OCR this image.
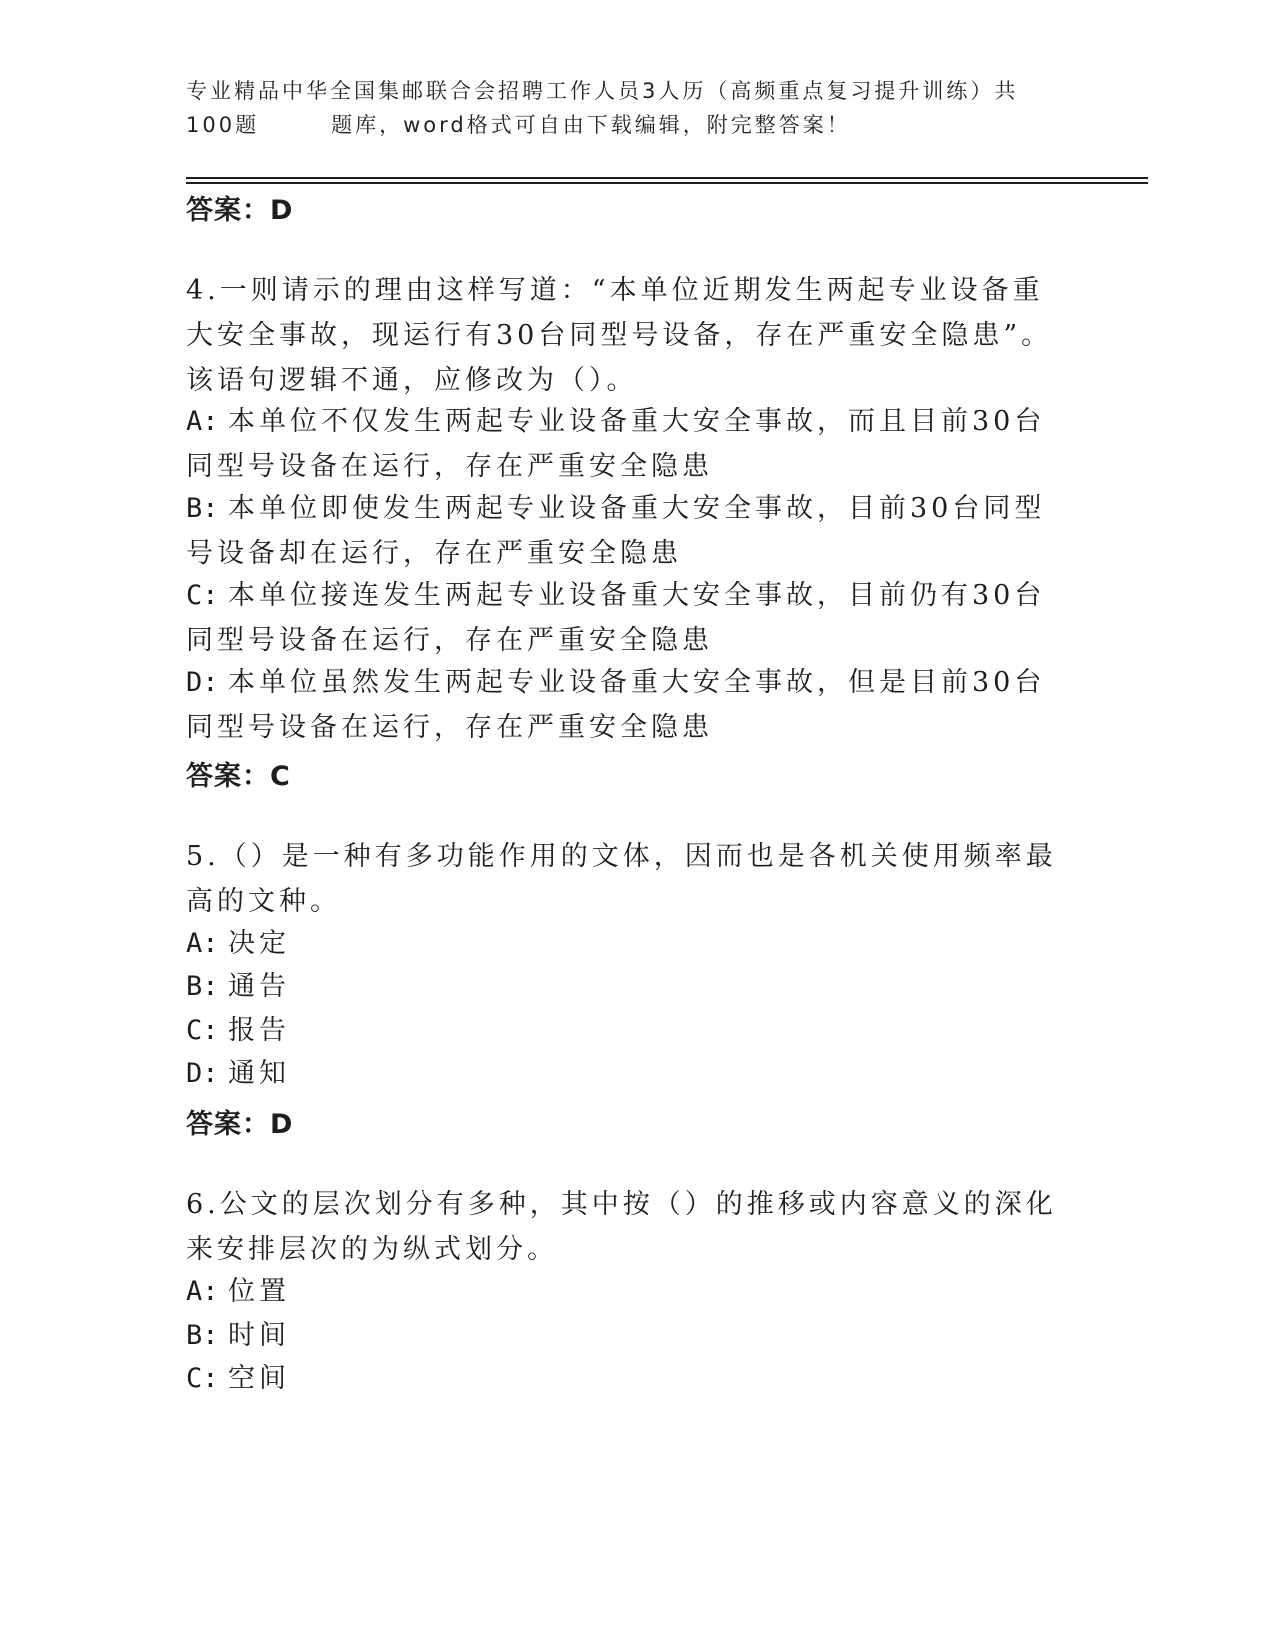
专业精品中华全国集邮联合会招聘工作人员3人历（高频重点复习提升训练）共
100题	题库，word格式可自由下载编辑，附完整答案！
答案：D
4.一则请示的理由这样写道：“本单位近期发生两起专业设备重大安全事故，现运行有30台同型号设备，存在严重安全隐患”。该语句逻辑不通，应修改为（）。
A: 本单位不仅发生两起专业设备重大安全事故，而且目前30台同型号设备在运行，存在严重安全隐患
B: 本单位即使发生两起专业设备重大安全事故，目前30台同型号设备却在运行，存在严重安全隐患
C: 本单位接连发生两起专业设备重大安全事故，目前仍有30台同型号设备在运行，存在严重安全隐患
D: 本单位虽然发生两起专业设备重大安全事故，但是目前30台同型号设备在运行，存在严重安全隐患
答案：C
5.（）是一种有多功能作用的文体，因而也是各机关使用频率最高的文种。
A: 决定
B: 通告
C: 报告
D: 通知
答案：D
6.公文的层次划分有多种，其中按（）的推移或内容意义的深化来安排层次的为纵式划分。
A: 位置
B: 时间
C: 空间
